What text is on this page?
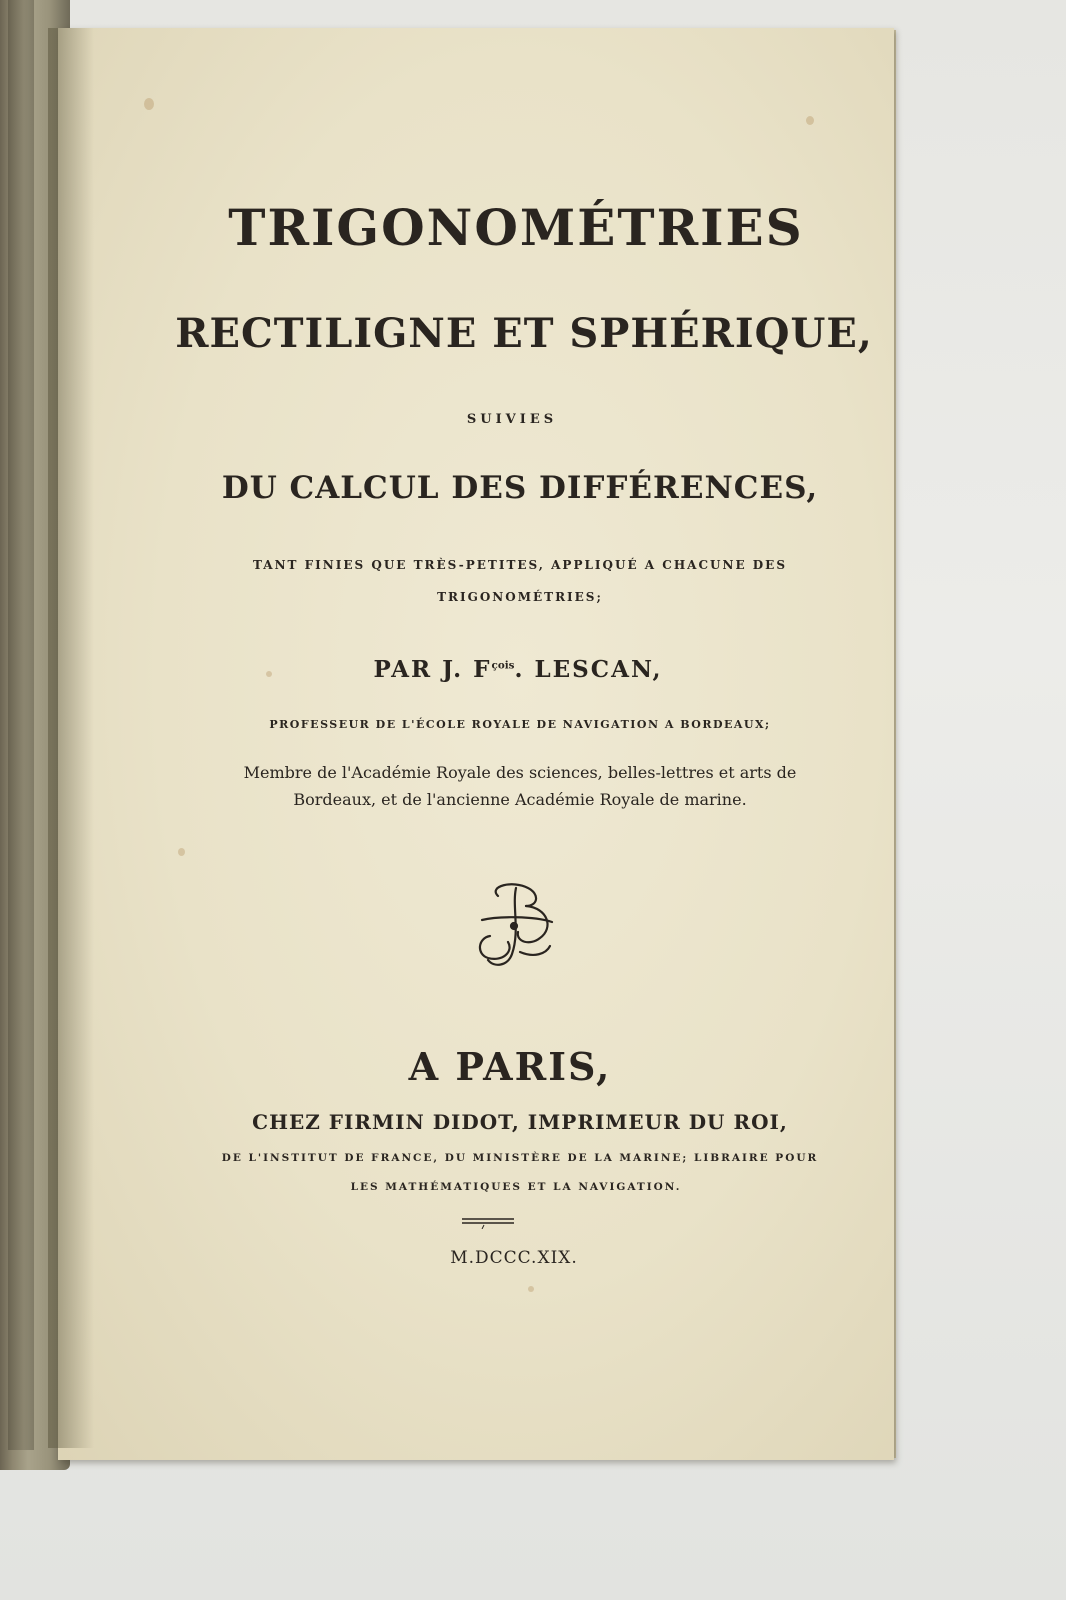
TRIGONOMÉTRIES

RECTILIGNE ET SPHÉRIQUE,

SUIVIES

DU CALCUL DES DIFFÉRENCES,

TANT FINIES QUE TRÈS-PETITES, APPLIQUÉ A CHACUNE DES

TRIGONOMÉTRIES;

PAR J. $F^{çois}$. LESCAN,

PROFESSEUR DE L'ÉCOLE ROYALE DE NAVIGATION A BORDEAUX;

Membre de l'Académie Royale des sciences, belles-lettres et arts de

Bordeaux, et de l'ancienne Académie Royale de marine.

A PARIS,

CHEZ FIRMIN DIDOT, IMPRIMEUR DU ROI,

DE L'INSTITUT DE FRANCE, DU MINISTÈRE DE LA MARINE; LIBRAIRE POUR

LES MATHÉMATIQUES ET LA NAVIGATION.

M.DCCC.XIX.
